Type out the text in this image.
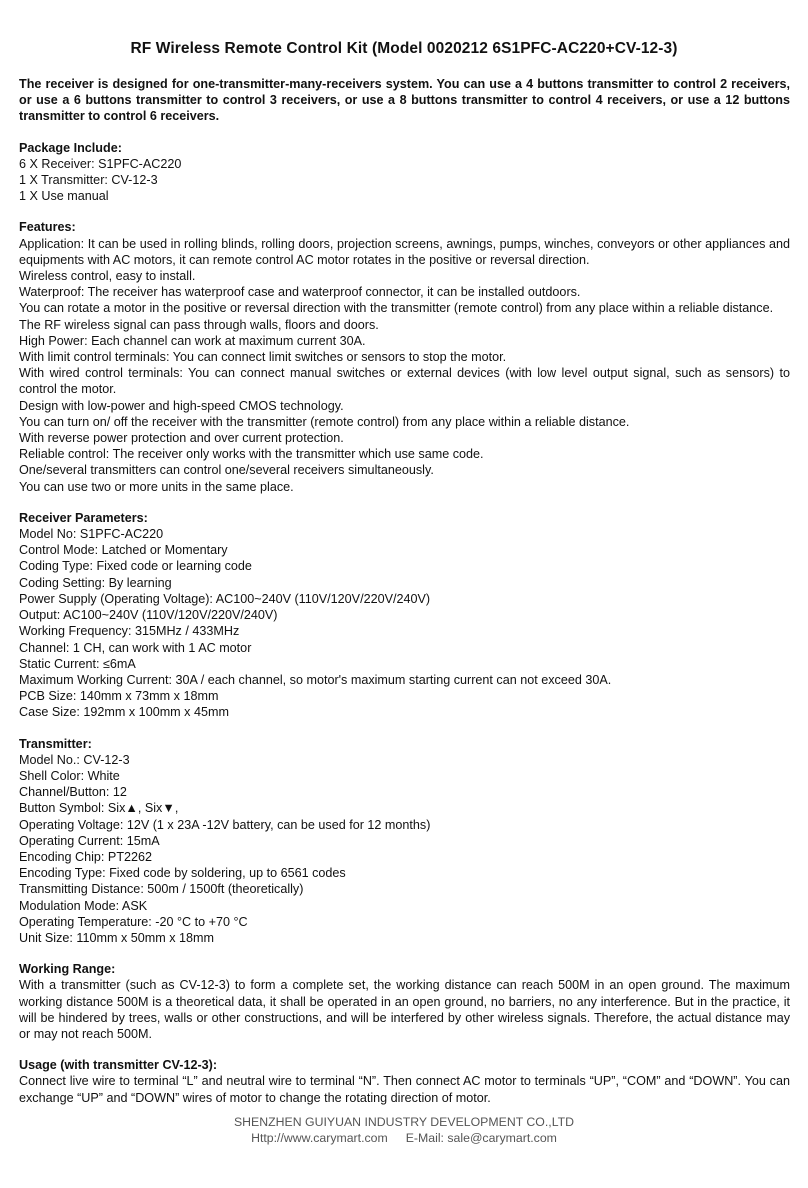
RF Wireless Remote Control Kit (Model 0020212 6S1PFC-AC220+CV-12-3)
The receiver is designed for one-transmitter-many-receivers system. You can use a 4 buttons transmitter to control 2 receivers, or use a 6 buttons transmitter to control 3 receivers, or use a 8 buttons transmitter to control 4 receivers, or use a 12 buttons transmitter to control 6 receivers.
Package Include:
6 X Receiver: S1PFC-AC220
1 X Transmitter: CV-12-3
1 X Use manual
Features:
Application: It can be used in rolling blinds, rolling doors, projection screens, awnings, pumps, winches, conveyors or other appliances and equipments with AC motors, it can remote control AC motor rotates in the positive or reversal direction.
Wireless control, easy to install.
Waterproof: The receiver has waterproof case and waterproof connector, it can be installed outdoors.
You can rotate a motor in the positive or reversal direction with the transmitter (remote control) from any place within a reliable distance.
The RF wireless signal can pass through walls, floors and doors.
High Power: Each channel can work at maximum current 30A.
With limit control terminals: You can connect limit switches or sensors to stop the motor.
With wired control terminals: You can connect manual switches or external devices (with low level output signal, such as sensors) to control the motor.
Design with low-power and high-speed CMOS technology.
You can turn on/ off the receiver with the transmitter (remote control) from any place within a reliable distance.
With reverse power protection and over current protection.
Reliable control: The receiver only works with the transmitter which use same code.
One/several transmitters can control one/several receivers simultaneously.
You can use two or more units in the same place.
Receiver Parameters:
Model No: S1PFC-AC220
Control Mode: Latched or Momentary
Coding Type: Fixed code or learning code
Coding Setting: By learning
Power Supply (Operating Voltage): AC100~240V (110V/120V/220V/240V)
Output: AC100~240V (110V/120V/220V/240V)
Working Frequency: 315MHz / 433MHz
Channel: 1 CH, can work with 1 AC motor
Static Current: ≤6mA
Maximum Working Current: 30A / each channel, so motor's maximum starting current can not exceed 30A.
PCB Size: 140mm x 73mm x 18mm
Case Size: 192mm x 100mm x 45mm
Transmitter:
Model No.: CV-12-3
Shell Color: White
Channel/Button: 12
Button Symbol: Six▲, Six▼,
Operating Voltage: 12V (1 x 23A -12V battery, can be used for 12 months)
Operating Current: 15mA
Encoding Chip: PT2262
Encoding Type: Fixed code by soldering, up to 6561 codes
Transmitting Distance: 500m / 1500ft (theoretically)
Modulation Mode: ASK
Operating Temperature: -20 °C to +70 °C
Unit Size: 110mm x 50mm x 18mm
Working Range:
With a transmitter (such as CV-12-3) to form a complete set, the working distance can reach 500M in an open ground. The maximum working distance 500M is a theoretical data, it shall be operated in an open ground, no barriers, no any interference. But in the practice, it will be hindered by trees, walls or other constructions, and will be interfered by other wireless signals. Therefore, the actual distance may or may not reach 500M.
Usage (with transmitter CV-12-3):
Connect live wire to terminal “L” and neutral wire to terminal “N”. Then connect AC motor to terminals “UP”, “COM” and “DOWN”. You can exchange “UP” and “DOWN” wires of motor to change the rotating direction of motor.
SHENZHEN GUIYUAN INDUSTRY DEVELOPMENT CO.,LTD
Http://www.carymart.com E-Mail: sale@carymart.com
